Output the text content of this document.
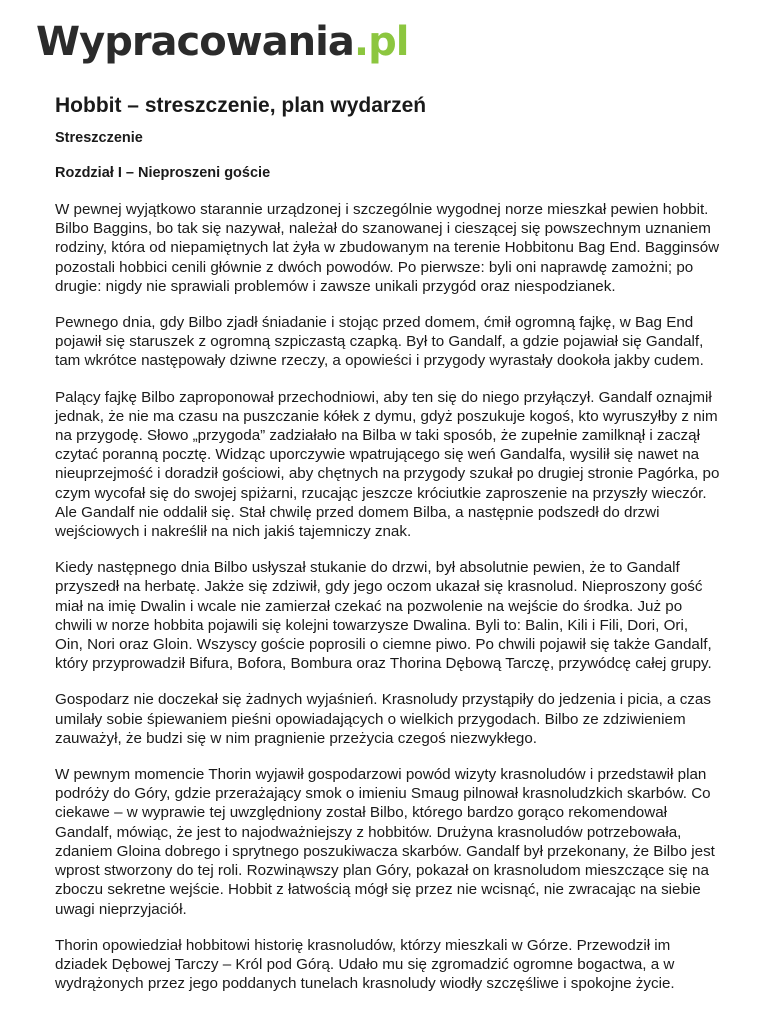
Wypracowania .pl
Hobbit – streszczenie, plan wydarzeń
Streszczenie
Rozdział I – Nieproszeni goście

W pewnej wyjątkowo starannie urządzonej i szczególnie wygodnej norze mieszkał pewien hobbit. Bilbo Baggins, bo tak się nazywał, należał do szanowanej i cieszącej się powszechnym uznaniem rodziny, która od niepamiętnych lat żyła w zbudowanym na terenie Hobbitonu Bag End. Bagginsów pozostali hobbici cenili głównie z dwóch powodów. Po pierwsze: byli oni naprawdę zamożni; po drugie: nigdy nie sprawiali problemów i zawsze unikali przygód oraz niespodzianek.

Pewnego dnia, gdy Bilbo zjadł śniadanie i stojąc przed domem, ćmił ogromną fajkę, w Bag End pojawił się staruszek z ogromną szpiczastą czapką. Był to Gandalf, a gdzie pojawiał się Gandalf, tam wkrótce następowały dziwne rzeczy, a opowieści i przygody wyrastały dookoła jakby cudem.

Palący fajkę Bilbo zaproponował przechodniowi, aby ten się do niego przyłączył. Gandalf oznajmił jednak, że nie ma czasu na puszczanie kółek z dymu, gdyż poszukuje kogoś, kto wyruszyłby z nim na przygodę. Słowo „przygoda” zadziałało na Bilba w taki sposób, że zupełnie zamilknął i zaczął czytać poranną pocztę. Widząc uporczywie wpatrującego się weń Gandalfa, wysilił się nawet na nieuprzejmość i doradził gościowi, aby chętnych na przygody szukał po drugiej stronie Pagórka, po czym wycofał się do swojej spiżarni, rzucając jeszcze króciutkie zaproszenie na przyszły wieczór. Ale Gandalf nie oddalił się. Stał chwilę przed domem Bilba, a następnie podszedł do drzwi wejściowych i nakreślił na nich jakiś tajemniczy znak.

Kiedy następnego dnia Bilbo usłyszał stukanie do drzwi, był absolutnie pewien, że to Gandalf przyszedł na herbatę. Jakże się zdziwił, gdy jego oczom ukazał się krasnolud. Nieproszony gość miał na imię Dwalin i wcale nie zamierzał czekać na pozwolenie na wejście do środka. Już po chwili w norze hobbita pojawili się kolejni towarzysze Dwalina. Byli to: Balin, Kili i Fili, Dori, Ori, Oin, Nori oraz Gloin. Wszyscy goście poprosili o ciemne piwo. Po chwili pojawił się także Gandalf, który przyprowadził Bifura, Bofora, Bombura oraz Thorina Dębową Tarczę, przywódcę całej grupy.

Gospodarz nie doczekał się żadnych wyjaśnień. Krasnoludy przystąpiły do jedzenia i picia, a czas umilały sobie śpiewaniem pieśni opowiadających o wielkich przygodach. Bilbo ze zdziwieniem zauważył, że budzi się w nim pragnienie przeżycia czegoś niezwykłego.

W pewnym momencie Thorin wyjawił gospodarzowi powód wizyty krasnoludów i przedstawił plan podróży do Góry, gdzie przerażający smok o imieniu Smaug pilnował krasnoludzkich skarbów. Co ciekawe – w wyprawie tej uwzględniony został Bilbo, którego bardzo gorąco rekomendował Gandalf, mówiąc, że jest to najodważniejszy z hobbitów. Drużyna krasnoludów potrzebowała, zdaniem Gloina dobrego i sprytnego poszukiwacza skarbów. Gandalf był przekonany, że Bilbo jest wprost stworzony do tej roli. Rozwinąwszy plan Góry, pokazał on krasnoludom mieszczące się na zboczu sekretne wejście. Hobbit z łatwością mógł się przez nie wcisnąć, nie zwracając na siebie uwagi nieprzyjaciół.

Thorin opowiedział hobbitowi historię krasnoludów, którzy mieszkali w Górze. Przewodził im dziadek Dębowej Tarczy – Król pod Górą. Udało mu się zgromadzić ogromne bogactwa, a w wydrążonych przez jego poddanych tunelach krasnoludy wiodły szczęśliwe i spokojne życie.
